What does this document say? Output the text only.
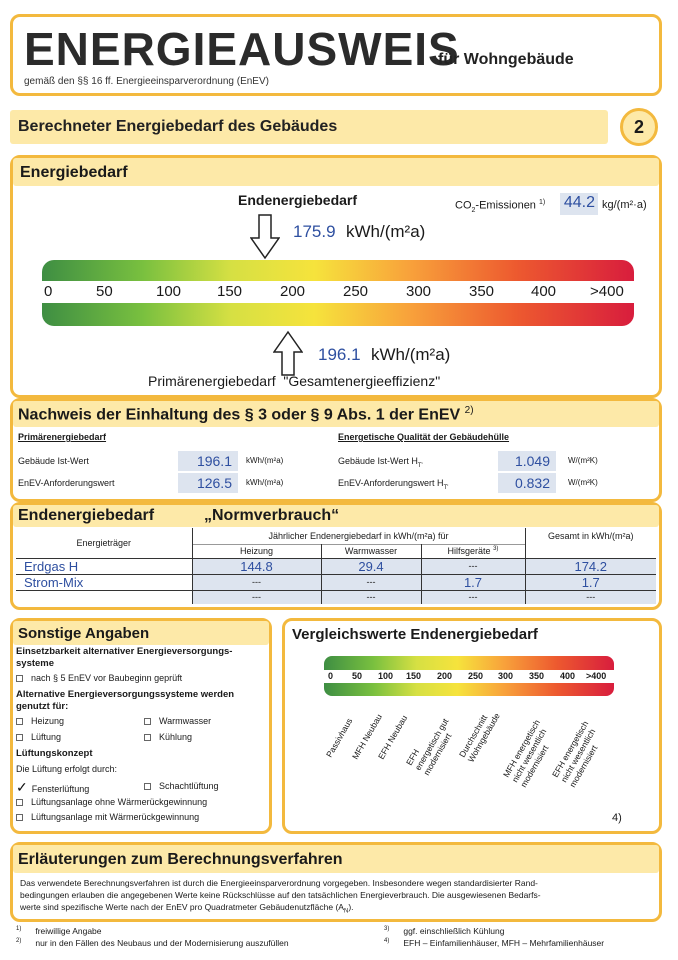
ENERGIEAUSWEIS
für Wohngebäude
gemäß den §§ 16 ff. Energieeinsparverordnung (EnEV)
Berechneter Energiebedarf des Gebäudes	2
Energiebedarf
Endenergiebedarf	$CO_2$-Emissionen $^{1)}$ 44.2 kg/(m²·a)
175.9 kWh/(m²a)
0	50	100 150	200	250	300	350 400 >400
196.1 kWh/(m²a)
Primärenergiebedarf  "Gesamtenergieeffizienz"
Nachweis der Einhaltung des § 3 oder § 9 Abs. 1 der EnEV $^{2)}$
Primärenergiebedarf	Energetische Qualität der Gebäudehülle
Gebäude Ist-Wert	196.1	kWh/(m²a)
EnEV-Anforderungswert	126.5	kWh/(m²a)
Gebäude Ist-Wert $H_{T'}$	1.049	W/(m²K)
EnEV-Anforderungswert $H_{T'}$	0.832	W/(m²K)
Endenergiebedarf	„Normverbrauch“
Energieträger	Jährlicher Endenergiebedarf in kWh/(m²a) für			Gesamt in kWh/(m²a)
	Heizung	Warmwasser	Hilfsgeräte $^{3)}$
Erdgas H	144.8	29.4	---	174.2
Strom-Mix	---	---	1.7	1.7
	---	---	---	---
Sonstige Angaben
Einsetzbarkeit alternativer Energieversorgungs-systeme
nach § 5 EnEV vor Baubeginn geprüft
Alternative Energieversorgungssysteme werden genutzt für:
Heizung	Warmwasser
Lüftung	Kühlung
Lüftungskonzept
Die Lüftung erfolgt durch:
✓ Fensterlüftung	Schachtlüftung
Lüftungsanlage ohne Wärmerückgewinnung
Lüftungsanlage mit Wärmerückgewinnung
Vergleichswerte Endenergiebedarf
0 50 100 150 200 250 300 350 400 >400
Passivhaus
MFH Neubau
EFH Neubau
EFH energetisch gut modernisiert Durchschnitt Wohngebäude MFH energetisch nicht wesentlich modernisiert EFH energetisch nicht wesentlich modernisiert
4)
Erläuterungen zum Berechnungsverfahren
Das verwendete Berechnungsverfahren ist durch die Energieeinsparverordnung vorgegeben. Insbesondere wegen standardisierter Rand-
bedingungen erlauben die angegebenen Werte keine Rückschlüsse auf den tatsächlichen Energieverbrauch. Die ausgewiesenen Bedarfs-
werte sind spezifische Werte nach der EnEV pro Quadratmeter Gebäudenutzfläche $(A_N)$.
$^{1)}$ freiwillige Angabe
$^{2)}$ nur in den Fällen des Neubaus und der Modernisierung auszufüllen
$^{3)}$ ggf. einschließlich Kühlung
$^{4)}$ EFH – Einfamilienhäuser, MFH – Mehrfamilienhäuser
